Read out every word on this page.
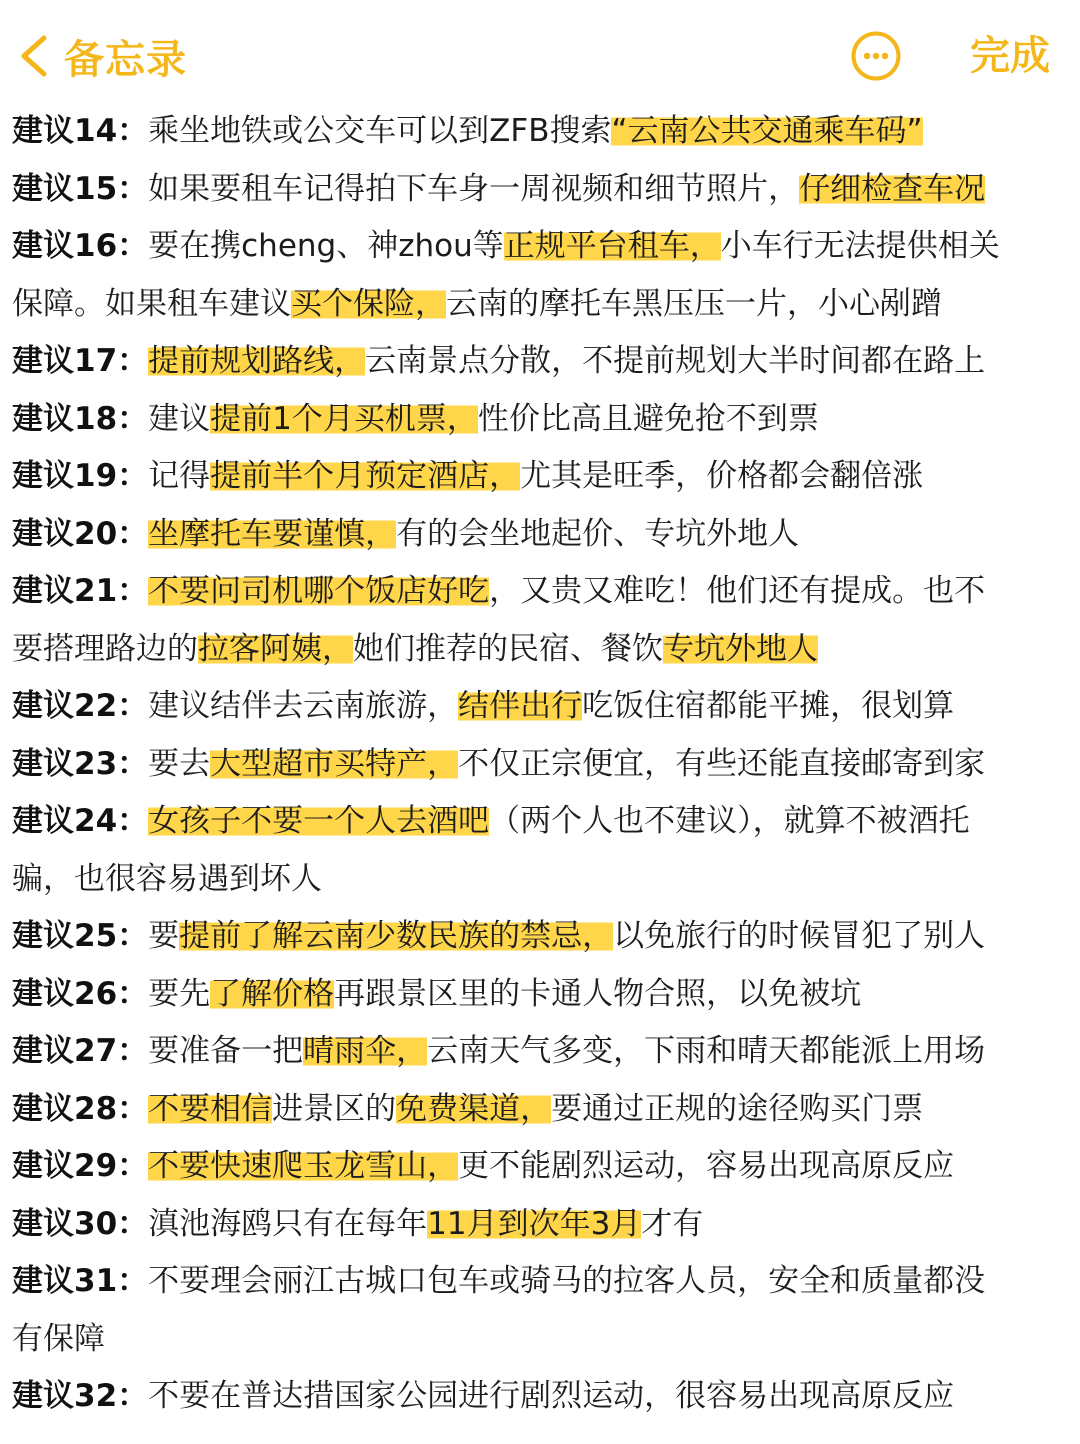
备忘录	完成
建议14：乘坐地铁或公交车可以到ZFB搜索“云南公共交通乘车码”
建议15：如果要租车记得拍下车身一周视频和细节照片，仔细检查车况
建议16：要在携cheng、神zhou等正规平台租车，小车行无法提供相关
保障。如果租车建议买个保险，云南的摩托车黑压压一片，小心剐蹭
建议17：提前规划路线，云南景点分散，不提前规划大半时间都在路上
建议18：建议提前1个月买机票，性价比高且避免抢不到票
建议19：记得提前半个月预定酒店，尤其是旺季，价格都会翻倍涨
建议20：坐摩托车要谨慎，有的会坐地起价、专坑外地人
建议21：不要问司机哪个饭店好吃，又贵又难吃！他们还有提成。也不
要搭理路边的拉客阿姨，她们推荐的民宿、餐饮专坑外地人
建议22：建议结伴去云南旅游，结伴出行吃饭住宿都能平摊，很划算
建议23：要去大型超市买特产，不仅正宗便宜，有些还能直接邮寄到家
建议24：女孩子不要一个人去酒吧（两个人也不建议），就算不被酒托
骗，也很容易遇到坏人
建议25：要提前了解云南少数民族的禁忌，以免旅行的时候冒犯了别人
建议26：要先了解价格再跟景区里的卡通人物合照，以免被坑
建议27：要准备一把晴雨伞，云南天气多变，下雨和晴天都能派上用场
建议28：不要相信进景区的免费渠道，要通过正规的途径购买门票
建议29：不要快速爬玉龙雪山，更不能剧烈运动，容易出现高原反应
建议30：滇池海鸥只有在每年11月到次年3月才有
建议31：不要理会丽江古城口包车或骑马的拉客人员，安全和质量都没
有保障
建议32：不要在普达措国家公园进行剧烈运动，很容易出现高原反应
